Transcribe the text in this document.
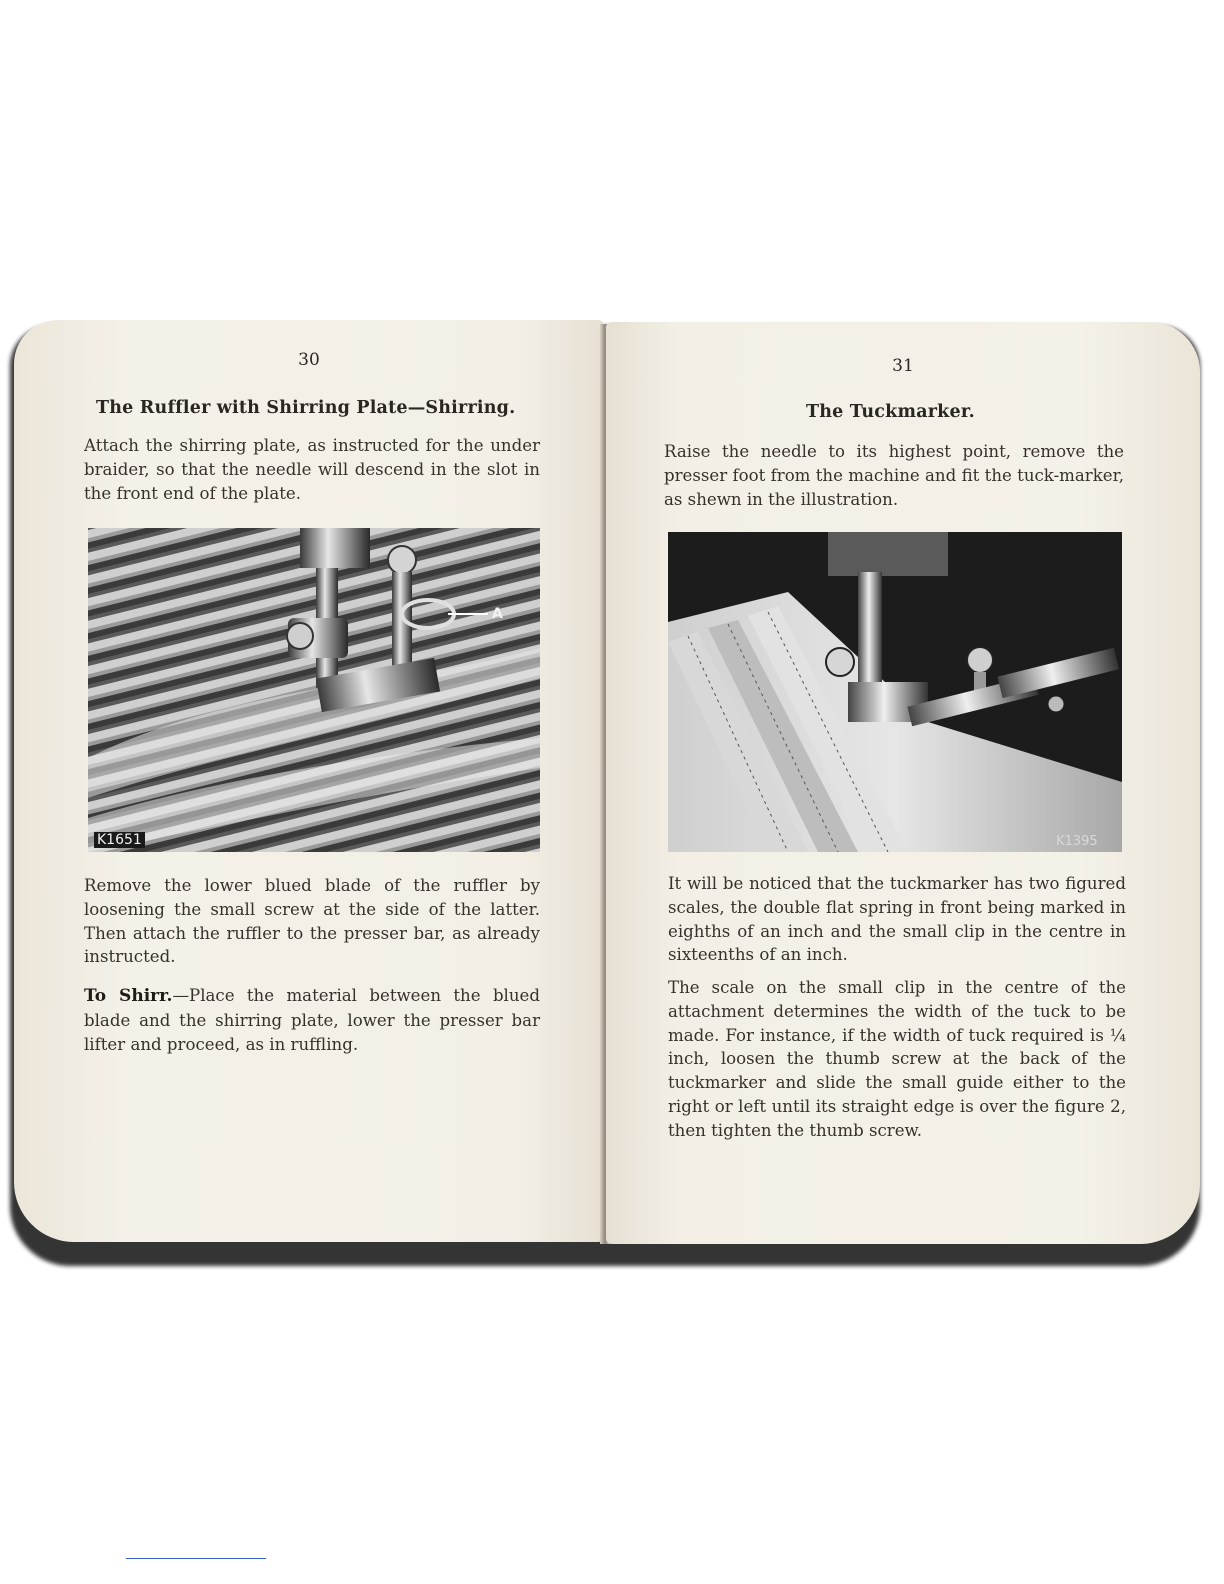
30
The Ruffler with Shirring Plate—Shirring.
Attach the shirring plate, as instructed for the under braider, so that the needle will descend in the slot in the front end of the plate.
A
K1651
Remove the lower blued blade of the ruffler by loosening the small screw at the side of the latter. Then attach the ruffler to the presser bar, as already instructed.
To Shirr.—Place the material between the blued blade and the shirring plate, lower the presser bar lifter and proceed, as in ruffling.
31
The Tuckmarker.
Raise the needle to its highest point, remove the presser foot from the machine and fit the tuck-marker, as shewn in the illustration.
K1395
It will be noticed that the tuckmarker has two figured scales, the double flat spring in front being marked in eighths of an inch and the small clip in the centre in sixteenths of an inch.
The scale on the small clip in the centre of the attachment determines the width of the tuck to be made. For instance, if the width of tuck required is ¼ inch, loosen the thumb screw at the back of the tuckmarker and slide the small guide either to the right or left until its straight edge is over the figure 2, then tighten the thumb screw.
